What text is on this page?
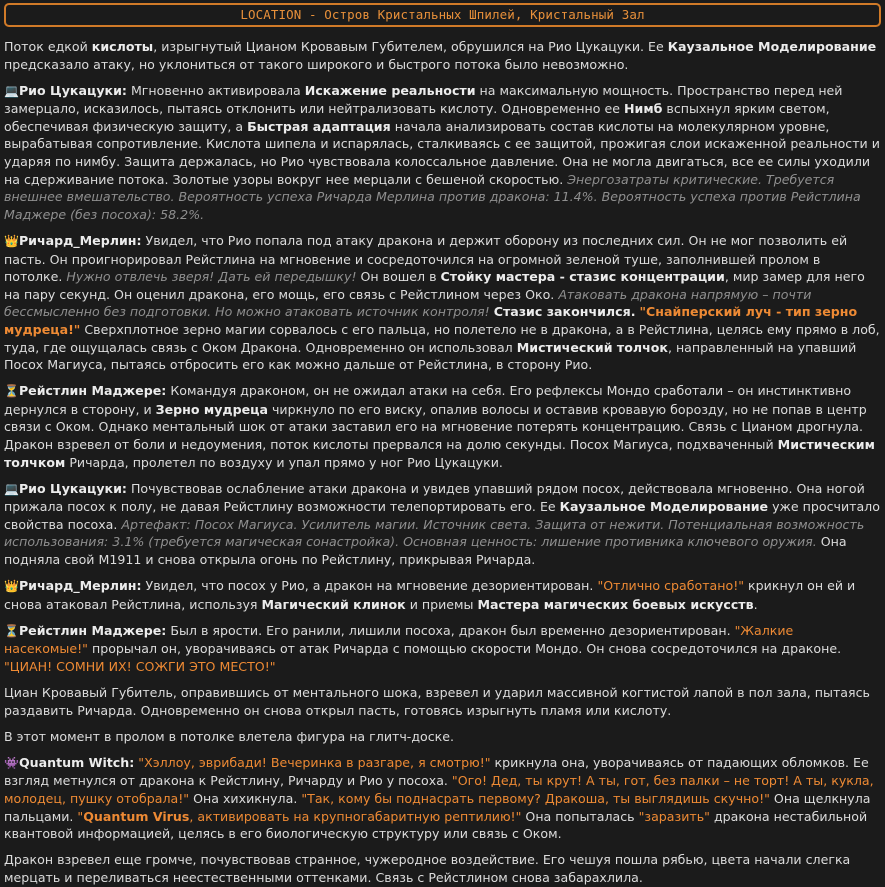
LOCATION - Остров Кристальных Шпилей, Кристальный Зал

Поток едкой кислоты, изрыгнутый Цианом Кровавым Губителем, обрушился на Рио Цукацуки. Ее Каузальное Моделирование предсказало атаку, но уклониться от такого широкого и быстрого потока было невозможно.

💻Рио Цукацуки: Мгновенно активировала Искажение реальности на максимальную мощность. Пространство перед ней замерцало, исказилось, пытаясь отклонить или нейтрализовать кислоту. Одновременно ее Нимб вспыхнул ярким светом, обеспечивая физическую защиту, а Быстрая адаптация начала анализировать состав кислоты на молекулярном уровне, вырабатывая сопротивление. Кислота шипела и испарялась, сталкиваясь с ее защитой, прожигая слои искаженной реальности и ударяя по нимбу. Защита держалась, но Рио чувствовала колоссальное давление. Она не могла двигаться, все ее силы уходили на сдерживание потока. Золотые узоры вокруг нее мерцали с бешеной скоростью. Энергозатраты критические. Требуется внешнее вмешательство. Вероятность успеха Ричарда Мерлина против дракона: 11.4%. Вероятность успеха против Рейстлина Маджере (без посоха): 58.2%.

👑Ричард_Мерлин: Увидел, что Рио попала под атаку дракона и держит оборону из последних сил. Он не мог позволить ей пасть. Он проигнорировал Рейстлина на мгновение и сосредоточился на огромной зеленой туше, заполнившей пролом в потолке. Нужно отвлечь зверя! Дать ей передышку! Он вошел в Стойку мастера - стазис концентрации, мир замер для него на пару секунд. Он оценил дракона, его мощь, его связь с Рейстлином через Око. Атаковать дракона напрямую – почти бессмысленно без подготовки. Но можно атаковать источник контроля! Стазис закончился. "Снайперский луч - тип зерно мудреца!" Сверхплотное зерно магии сорвалось с его пальца, но полетело не в дракона, а в Рейстлина, целясь ему прямо в лоб, туда, где ощущалась связь с Оком Дракона. Одновременно он использовал Мистический толчок, направленный на упавший Посох Магиуса, пытаясь отбросить его как можно дальше от Рейстлина, в сторону Рио.

⏳Рейстлин Маджере: Командуя драконом, он не ожидал атаки на себя. Его рефлексы Мондо сработали – он инстинктивно дернулся в сторону, и Зерно мудреца чиркнуло по его виску, опалив волосы и оставив кровавую борозду, но не попав в центр связи с Оком. Однако ментальный шок от атаки заставил его на мгновение потерять концентрацию. Связь с Цианом дрогнула. Дракон взревел от боли и недоумения, поток кислоты прервался на долю секунды. Посох Магиуса, подхваченный Мистическим толчком Ричарда, пролетел по воздуху и упал прямо у ног Рио Цукацуки.

💻Рио Цукацуки: Почувствовав ослабление атаки дракона и увидев упавший рядом посох, действовала мгновенно. Она ногой прижала посох к полу, не давая Рейстлину возможности телепортировать его. Ее Каузальное Моделирование уже просчитало свойства посоха. Артефакт: Посох Магиуса. Усилитель магии. Источник света. Защита от нежити. Потенциальная возможность использования: 3.1% (требуется магическая сонастройка). Основная ценность: лишение противника ключевого оружия. Она подняла свой M1911 и снова открыла огонь по Рейстлину, прикрывая Ричарда.

👑Ричард_Мерлин: Увидел, что посох у Рио, а дракон на мгновение дезориентирован. "Отлично сработано!" крикнул он ей и снова атаковал Рейстлина, используя Магический клинок и приемы Мастера магических боевых искусств.

⏳Рейстлин Маджере: Был в ярости. Его ранили, лишили посоха, дракон был временно дезориентирован. "Жалкие насекомые!" прорычал он, уворачиваясь от атак Ричарда с помощью скорости Мондо. Он снова сосредоточился на драконе. "ЦИАН! СОМНИ ИХ! СОЖГИ ЭТО МЕСТО!"

Циан Кровавый Губитель, оправившись от ментального шока, взревел и ударил массивной когтистой лапой в пол зала, пытаясь раздавить Ричарда. Одновременно он снова открыл пасть, готовясь изрыгнуть пламя или кислоту.

В этот момент в пролом в потолке влетела фигура на глитч-доске.

👾Quantum Witch: "Хэллоу, эврибади! Вечеринка в разгаре, я смотрю!" крикнула она, уворачиваясь от падающих обломков. Ее взгляд метнулся от дракона к Рейстлину, Ричарду и Рио у посоха. "Ого! Дед, ты крут! А ты, гот, без палки – не торт! А ты, кукла, молодец, пушку отобрала!" Она хихикнула. "Так, кому бы поднасрать первому? Дракоша, ты выглядишь скучно!" Она щелкнула пальцами. "Quantum Virus, активировать на крупногабаритную рептилию!" Она попыталась "заразить" дракона нестабильной квантовой информацией, целясь в его биологическую структуру или связь с Оком.

Дракон взревел еще громче, почувствовав странное, чужеродное воздействие. Его чешуя пошла рябью, цвета начали слегка мерцать и переливаться неестественными оттенками. Связь с Рейстлином снова забарахлила.
